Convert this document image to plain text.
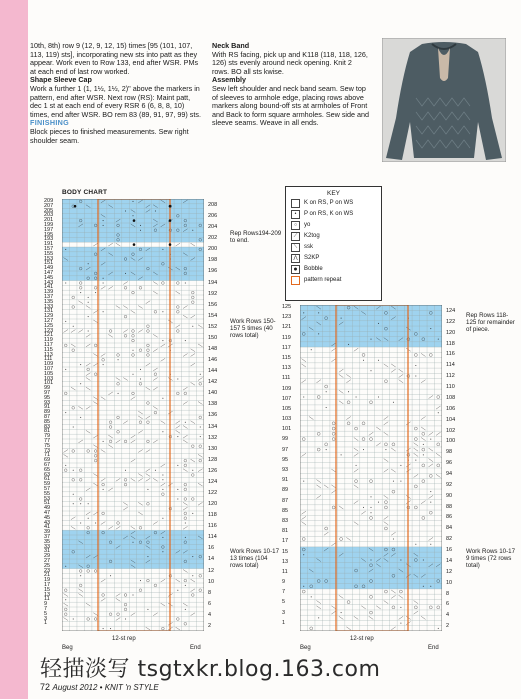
10th, 8th) row 9 (12, 9, 12, 15) times [95 (101, 107, 113, 119) sts], incorporating new sts into patt as they appear. Work even to Row 133, end after WSR. PMs at each end of last row worked.

Shape Sleeve Cap

Work a further 1 (1, 1½, 1½, 2)" above the markers in pattern, end after WSR. Next row (RS): Maint patt, dec 1 st at each end of every RSR 6 (6, 8, 8, 10) times, end after WSR. BO rem 83 (89, 91, 97, 99) sts.

FINISHING

Block pieces to finished measurements. Sew right shoulder seam.

Neck Band

With RS facing, pick up and K118 (118, 118, 126, 126) sts evenly around neck opening. Knit 2 rows. BO all sts kwise.

Assembly

Sew left shoulder and neck band seam. Sew top of sleeves to armhole edge, placing rows above markers along bound-off sts at armholes of Front and Back to form square armholes. Sew side and sleeve seams. Weave in all ends.

BODY CHART	KEY
K on RS, P on WS
•	P on RS, K on WS
○	yo
⟋	K2tog
⟍	ssk
⋀	S2KP
●	Bobble
pattern repeat
209
207
205
203
201
199
197
195
193
191
157
155
153
151
149
147
145
143
141
139
137
135
133
131
129
127
125
123
121
119
117
115
113
111
109
107
105
103
101
99
97
95
93
91
89
87
85
83
81
79
77
75
73
71
69
67
65
63
61
59
57
55
53
51
49
47
45
43
41
39
37
35
33
31
29
27
25
23
21
19
17
15
13
11
9
7
5
3
1
208
206
204
202
200
198
196
194
192
156
154
152
150
148
146
144
142
140
138
136
134
132
130
128
126
124
122
120
118
116
114
16
14
12
10
8
6
4
2
125
123
121
119
117
115
113
111
109
107
105
103
101
99
97
95
93
91
89
87
85
83
81
17
15
13
11
9
7
5
3
1
124
122
120
118
116
114
112
110
108
106
104
102
100
98
96
94
92
90
88
86
84
82
16
14
12
10
8
6
4
2
Rep Rows194-209 to end.
Work Rows 150-157 5 times (40 rows total)
Work Rows 10-17 13 times (104 rows total)
Rep Rows 118-125 for remainder of piece.
Work Rows 10-17 9 times (72 rows total)
12-st rep	12-st rep
Beg	End	Beg	End
轻描淡写 tsgtxkr.blog.163.com
72 August 2012 • KNIT 'n STYLE
